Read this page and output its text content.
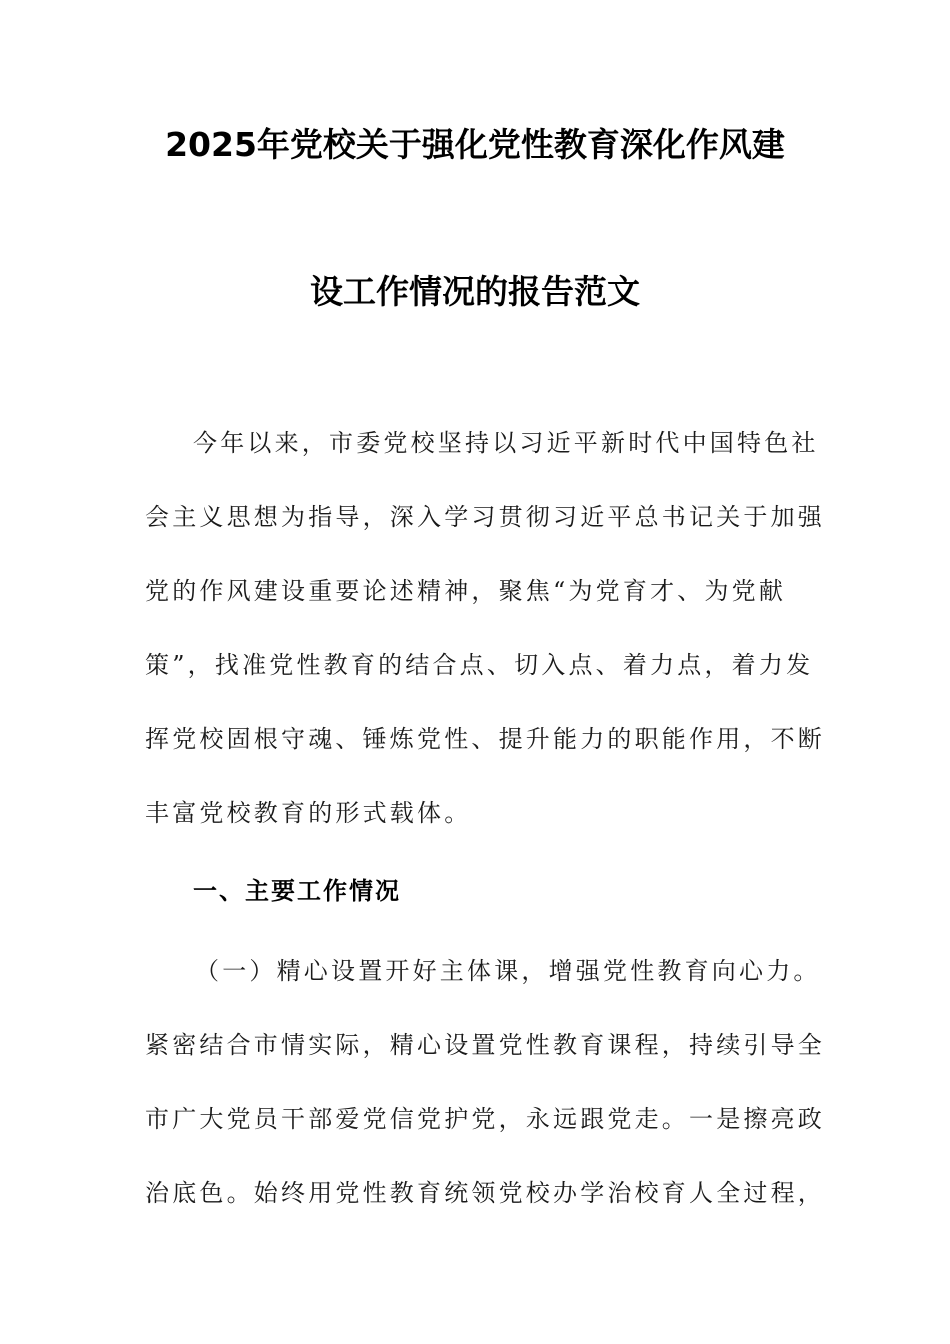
2025年党校关于强化党性教育深化作风建
设工作情况的报告范文
今年以来，市委党校坚持以习近平新时代中国特色社
会主义思想为指导，深入学习贯彻习近平总书记关于加强
党的作风建设重要论述精神，聚焦“为党育才、为党献
策”，找准党性教育的结合点、切入点、着力点，着力发
挥党校固根守魂、锤炼党性、提升能力的职能作用，不断
丰富党校教育的形式载体。
一、主要工作情况
（一）精心设置开好主体课，增强党性教育向心力。
紧密结合市情实际，精心设置党性教育课程，持续引导全
市广大党员干部爱党信党护党，永远跟党走。一是擦亮政
治底色。始终用党性教育统领党校办学治校育人全过程，
